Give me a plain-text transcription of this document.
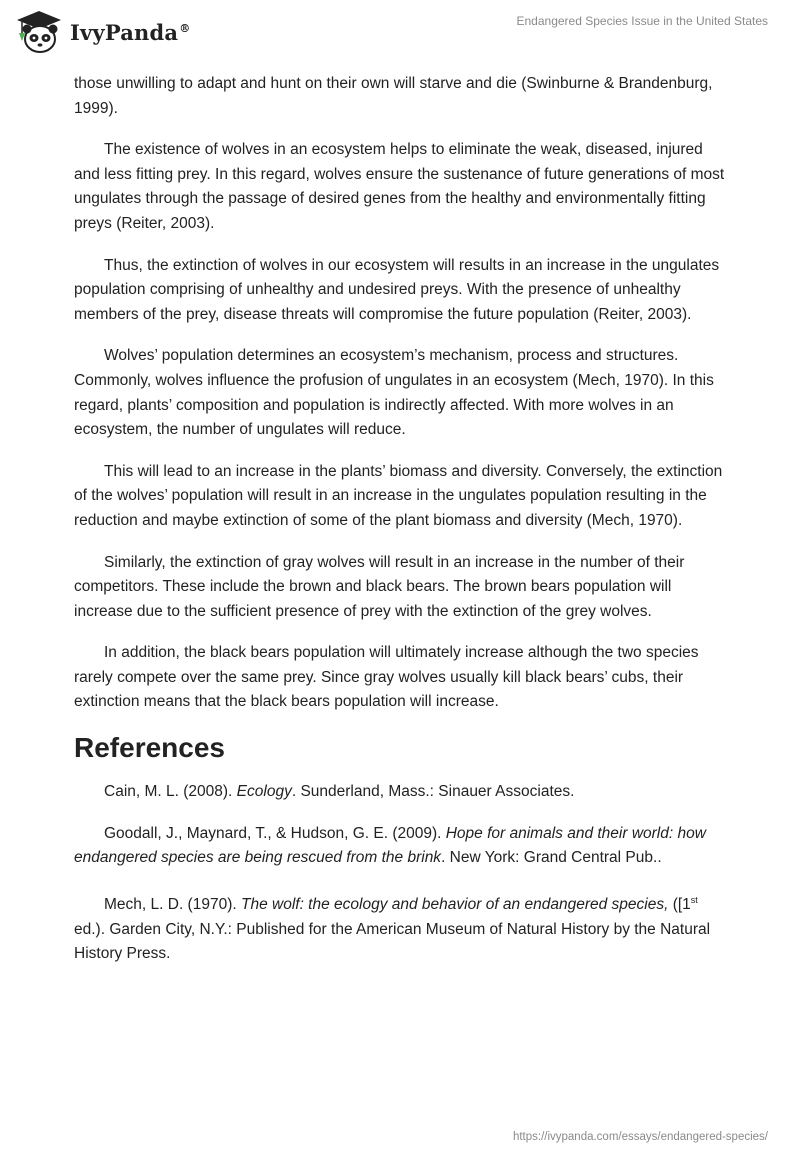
IvyPanda®	Endangered Species Issue in the United States

those unwilling to adapt and hunt on their own will starve and die (Swinburne & Brandenburg, 1999).

The existence of wolves in an ecosystem helps to eliminate the weak, diseased, injured and less fitting prey. In this regard, wolves ensure the sustenance of future generations of most ungulates through the passage of desired genes from the healthy and environmentally fitting preys (Reiter, 2003).

Thus, the extinction of wolves in our ecosystem will results in an increase in the ungulates population comprising of unhealthy and undesired preys. With the presence of unhealthy members of the prey, disease threats will compromise the future population (Reiter, 2003).

Wolves’ population determines an ecosystem’s mechanism, process and structures. Commonly, wolves influence the profusion of ungulates in an ecosystem (Mech, 1970). In this regard, plants’ composition and population is indirectly affected. With more wolves in an ecosystem, the number of ungulates will reduce.

This will lead to an increase in the plants’ biomass and diversity. Conversely, the extinction of the wolves’ population will result in an increase in the ungulates population resulting in the reduction and maybe extinction of some of the plant biomass and diversity (Mech, 1970).

Similarly, the extinction of gray wolves will result in an increase in the number of their competitors. These include the brown and black bears. The brown bears population will increase due to the sufficient presence of prey with the extinction of the grey wolves.

In addition, the black bears population will ultimately increase although the two species rarely compete over the same prey. Since gray wolves usually kill black bears’ cubs, their extinction means that the black bears population will increase.

References

Cain, M. L. (2008). Ecology. Sunderland, Mass.: Sinauer Associates.

Goodall, J., Maynard, T., & Hudson, G. E. (2009). Hope for animals and their world: how endangered species are being rescued from the brink. New York: Grand Central Pub..

Mech, L. D. (1970). The wolf: the ecology and behavior of an endangered species, ([1st ed.). Garden City, N.Y.: Published for the American Museum of Natural History by the Natural History Press.

https://ivypanda.com/essays/endangered-species/
